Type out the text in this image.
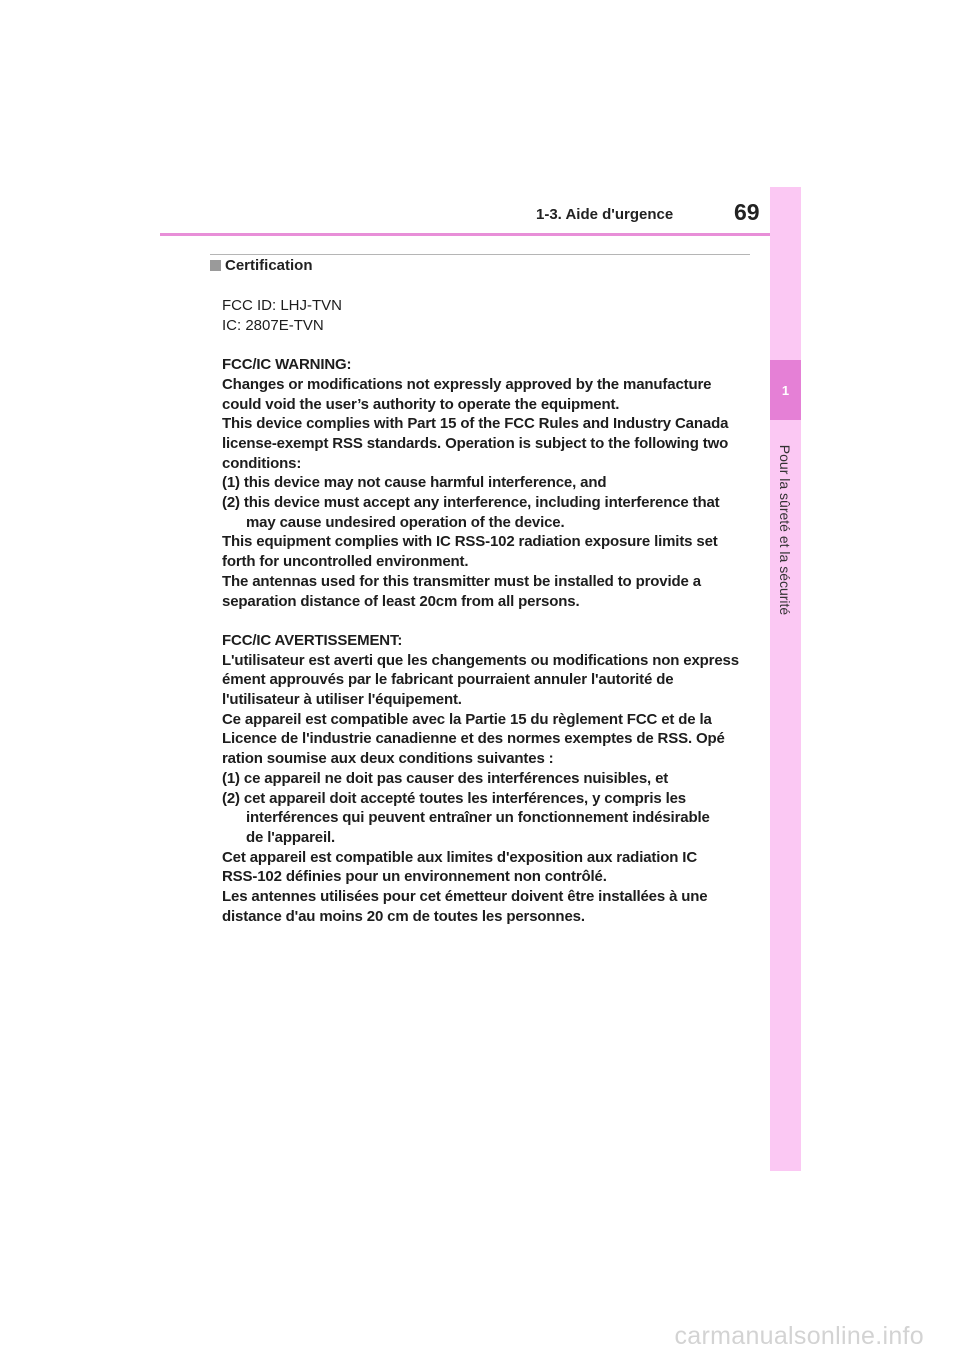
1-3. Aide d'urgence	69
1
Pour la sûreté et la sécurité
Certification
FCC ID: LHJ-TVN
IC: 2807E-TVN
FCC/IC WARNING:
Changes or modifications not expressly approved by the manufacture
could void the user’s authority to operate the equipment.
This device complies with Part 15 of the FCC Rules and Industry Canada
license-exempt RSS standards. Operation is subject to the following two
conditions:
(1) this device may not cause harmful interference, and
(2) this device must accept any interference, including interference that
may cause undesired operation of the device.
This equipment complies with IC RSS-102 radiation exposure limits set
forth for uncontrolled environment.
The antennas used for this transmitter must be installed to provide a
separation distance of least 20cm from all persons.
FCC/IC AVERTISSEMENT:
L'utilisateur est averti que les changements ou modifications non express
ément approuvés par le fabricant pourraient annuler l'autorité de
l'utilisateur à utiliser l'équipement.
Ce appareil est compatible avec la Partie 15 du règlement FCC et de la
Licence de l'industrie canadienne et des normes exemptes de RSS. Opé
ration soumise aux deux conditions suivantes :
(1) ce appareil ne doit pas causer des interférences nuisibles, et
(2) cet appareil doit accepté toutes les interférences, y compris les
interférences qui peuvent entraîner un fonctionnement indésirable
de l'appareil.
Cet appareil est compatible aux limites d'exposition aux radiation IC
RSS-102 définies pour un environnement non contrôlé.
Les antennes utilisées pour cet émetteur doivent être installées à une
distance d'au moins 20 cm de toutes les personnes.
carmanualsonline.info
